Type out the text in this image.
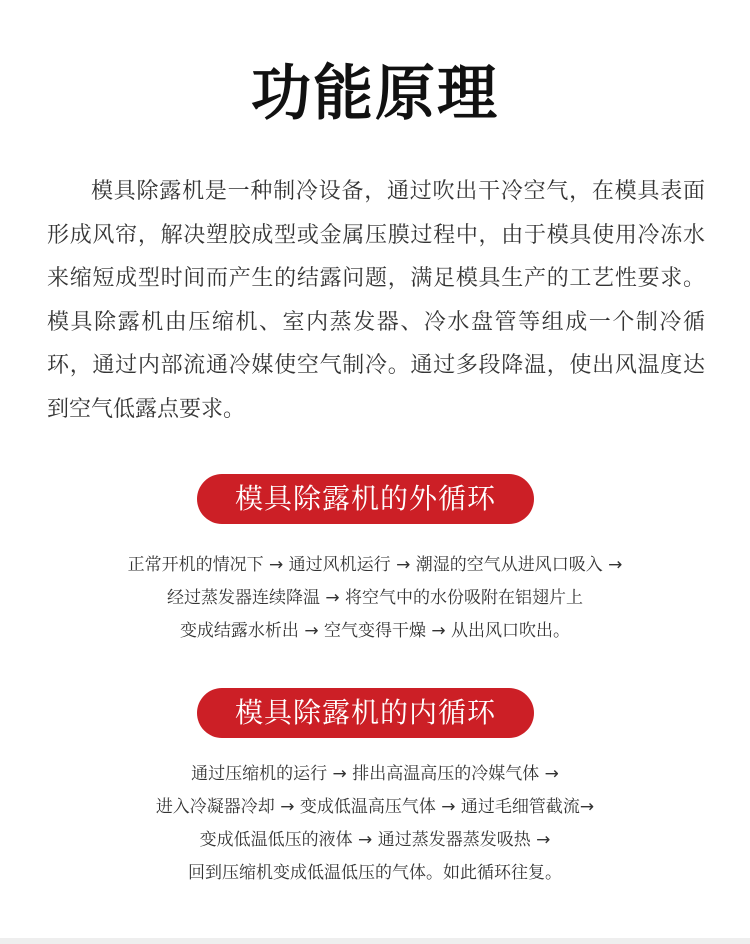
功能原理

模具除露机是一种制冷设备，通过吹出干冷空气，在模具表面形成风帘，解决塑胶成型或金属压膜过程中，由于模具使用冷冻水来缩短成型时间而产生的结露问题，满足模具生产的工艺性要求。模具除露机由压缩机、室内蒸发器、冷水盘管等组成一个制冷循环，通过内部流通冷媒使空气制冷。通过多段降温，使出风温度达到空气低露点要求。

模具除露机的外循环
正常开机的情况下 → 通过风机运行 → 潮湿的空气从进风口吸入 →
经过蒸发器连续降温 → 将空气中的水份吸附在铝翅片上
变成结露水析出 → 空气变得干燥 → 从出风口吹出。
模具除露机的内循环
通过压缩机的运行 → 排出高温高压的冷媒气体 →
进入冷凝器冷却 → 变成低温高压气体 → 通过毛细管截流→
变成低温低压的液体 → 通过蒸发器蒸发吸热 →
回到压缩机变成低温低压的气体。如此循环往复。
